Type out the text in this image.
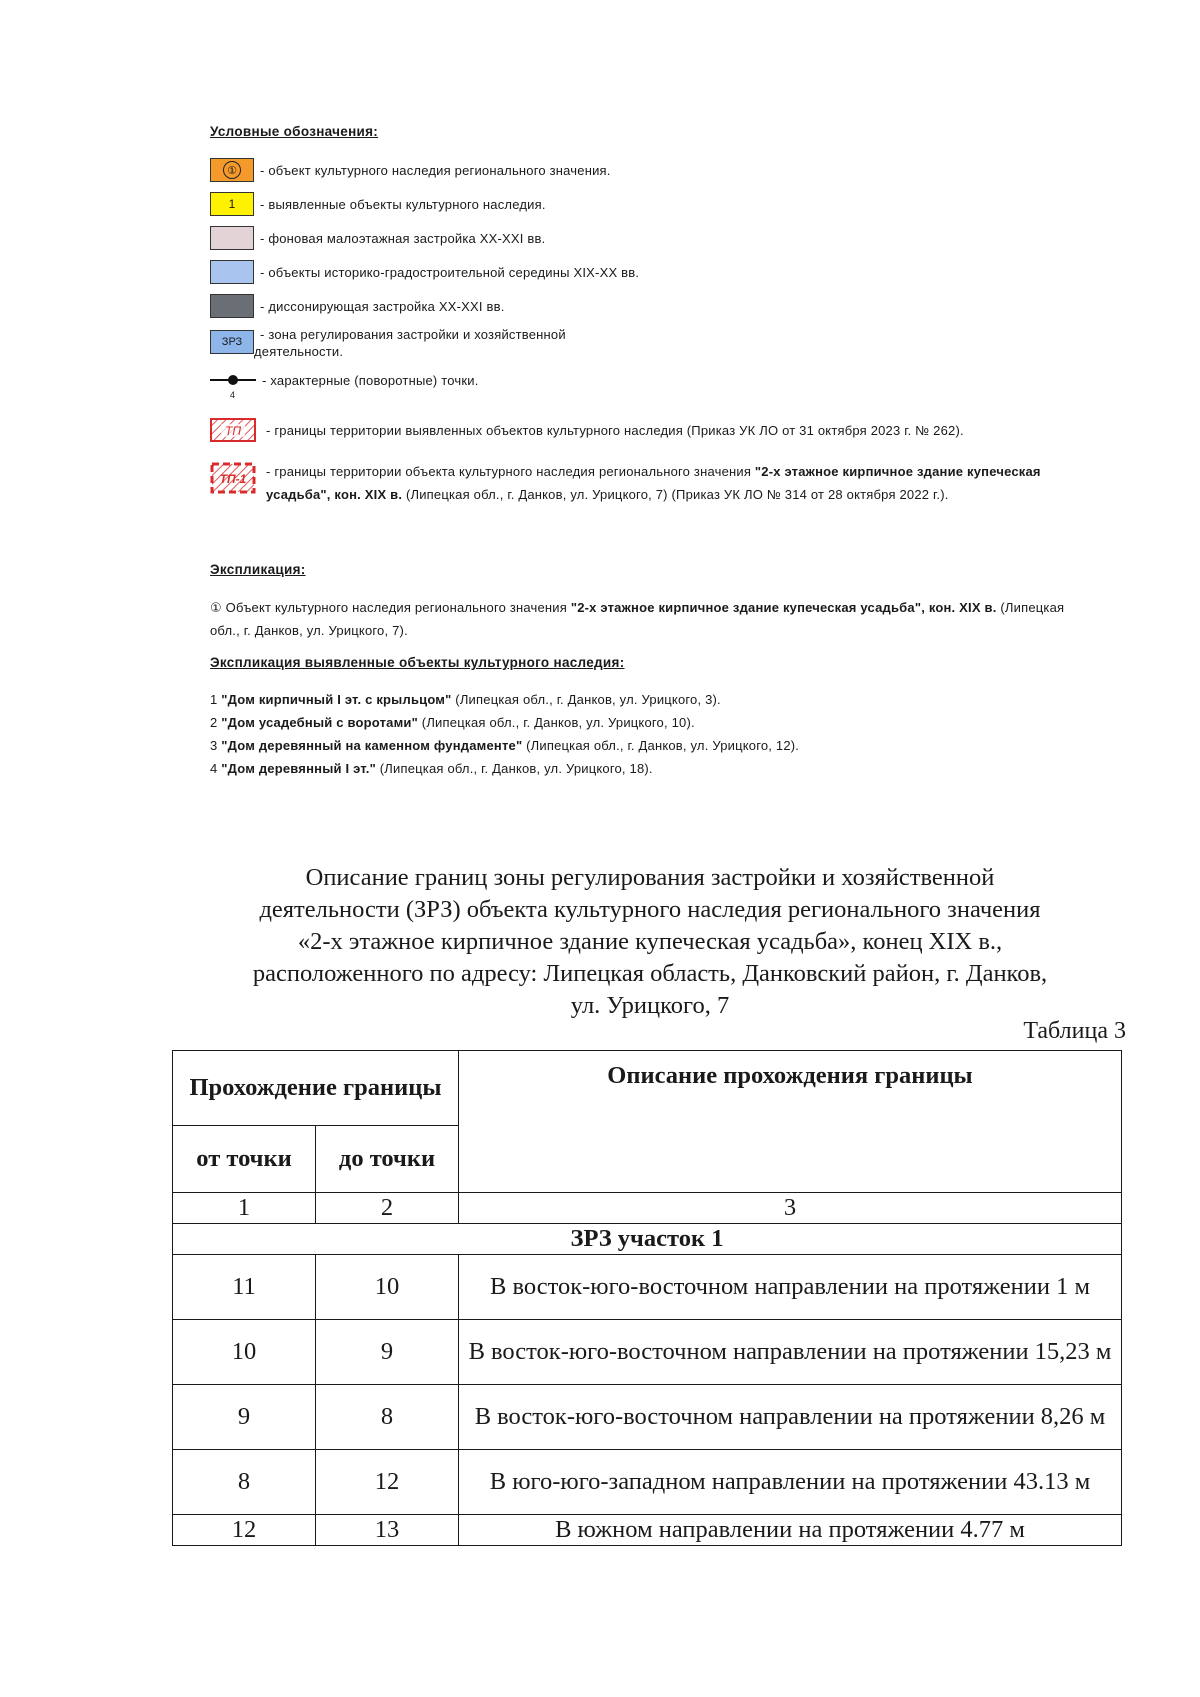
Условные обозначения:
①	- объект культурного наследия регионального значения.
1 - выявленные объекты культурного наследия.
- фоновая малоэтажная застройка XX-XXI вв.
- объекты историко-градостроительной середины XIX-XX вв.
- диссонирующая застройка XX-XXI вв.
ЗРЗ - зона регулирования застройки и хозяйственной
деятельности.
4
- характерные (поворотные) точки.
ТП - границы территории выявленных объектов культурного наследия (Приказ УК ЛО от 31 октября 2023 г. № 262).
ТП-1 - границы территории объекта культурного наследия регионального значения "2-х этажное кирпичное здание купеческая усадьба", кон. XIX в. (Липецкая обл., г. Данков, ул. Урицкого, 7) (Приказ УК ЛО № 314 от 28 октября 2022 г.).
Экспликация:
① Объект культурного наследия регионального значения "2-х этажное кирпичное здание купеческая усадьба", кон. XIX в. (Липецкая обл., г. Данков, ул. Урицкого, 7).
Экспликация выявленные объекты культурного наследия:
1 "Дом кирпичный I эт. с крыльцом" (Липецкая обл., г. Данков, ул. Урицкого, 3).
2 "Дом усадебный с воротами" (Липецкая обл., г. Данков, ул. Урицкого, 10).
3 "Дом деревянный на каменном фундаменте" (Липецкая обл., г. Данков, ул. Урицкого, 12).
4 "Дом деревянный I эт." (Липецкая обл., г. Данков, ул. Урицкого, 18).
Описание границ зоны регулирования застройки и хозяйственной
деятельности (ЗРЗ) объекта культурного наследия регионального значения
«2-х этажное кирпичное здание купеческая усадьба», конец XIX в.,
расположенного по адресу: Липецкая область, Данковский район, г. Данков,
ул. Урицкого, 7
Таблица 3
Прохождение границы		Описание прохождения границы
от точки	до точки	
1	2	3
ЗРЗ участок 1		
11	10	В восток-юго-восточном направлении на протяжении 1 м
10	9	В восток-юго-восточном направлении на протяжении 15,23 м
9	8	В восток-юго-восточном направлении на протяжении 8,26 м
8	12	В юго-юго-западном направлении на протяжении 43.13 м
12	13	В южном направлении на протяжении 4.77 м
